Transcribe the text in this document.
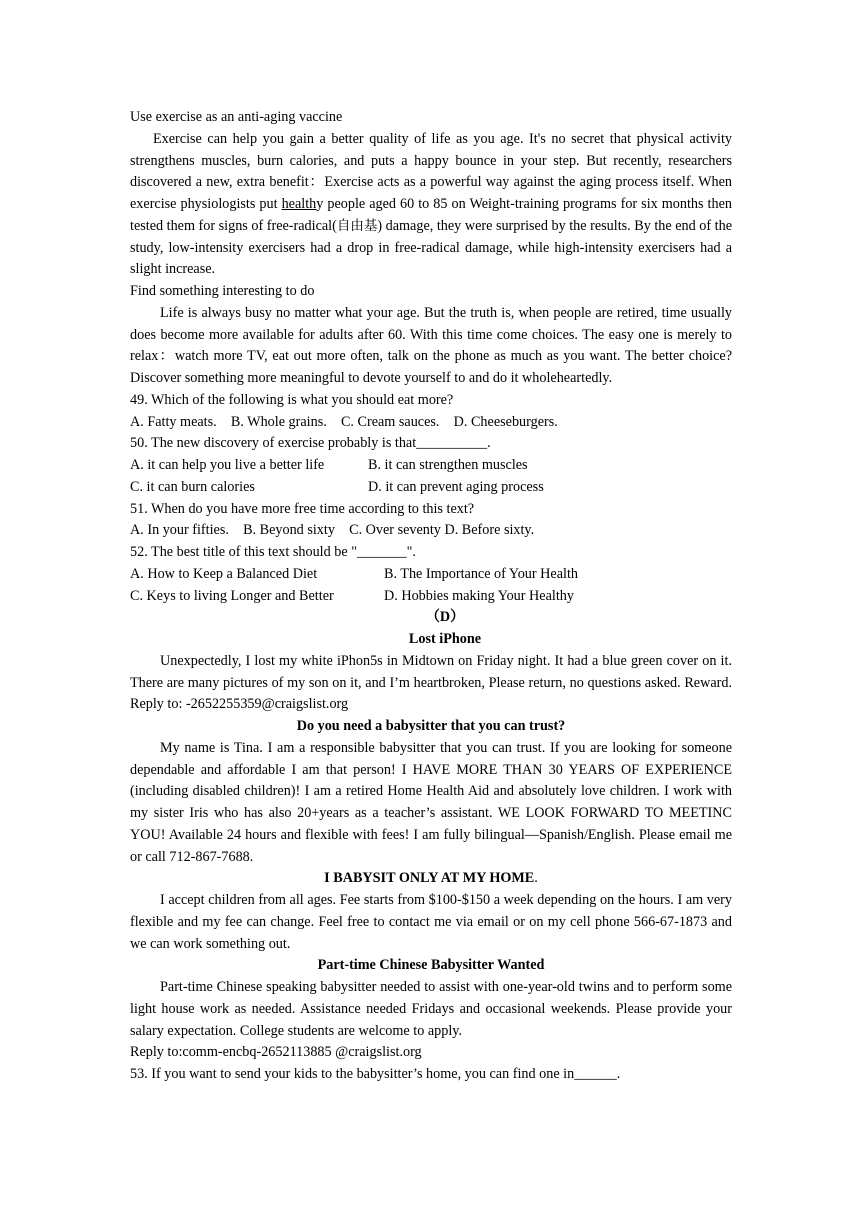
Use exercise as an anti-aging vaccine

Exercise can help you gain a better quality of life as you age. It's no secret that physical activity strengthens muscles, burn calories, and puts a happy bounce in your step. But recently, researchers discovered a new, extra benefit：Exercise acts as a powerful way against the aging process itself. When exercise physiologists put healthy people aged 60 to 85 on Weight-training programs for six months then tested them for signs of free-radical(自由基) damage, they were surprised by the results. By the end of the study, low-intensity exercisers had a drop in free-radical damage, while high-intensity exercisers had a slight increase.

Find something interesting to do

Life is always busy no matter what your age. But the truth is, when people are retired, time usually does become more available for adults after 60. With this time come choices. The easy one is merely to relax：watch more TV, eat out more often, talk on the phone as much as you want. The better choice? Discover something more meaningful to devote yourself to and do it wholeheartedly.

49. Which of the following is what you should eat more?

A. Fatty meats.    B. Whole grains.    C. Cream sauces.    D. Cheeseburgers.

50. The new discovery of exercise probably is that__________.

A. it can help you live a better life	B. it can strengthen muscles
C. it can burn calories	D. it can prevent aging process

51. When do you have more free time according to this text?

A. In your fifties.    B. Beyond sixty    C. Over seventy D. Before sixty.

52. The best title of this text should be "_______".

A. How to Keep a Balanced Diet	B. The Importance of Your Health
C. Keys to living Longer and Better	D. Hobbies making Your Healthy

（D）

Lost iPhone

Unexpectedly, I lost my white iPhon5s in Midtown on Friday night. It had a blue green cover on it. There are many pictures of my son on it, and I’m heartbroken, Please return, no questions asked. Reward. Reply to: -2652255359@craigslist.org

Do you need a babysitter that you can trust?

My name is Tina. I am a responsible babysitter that you can trust. If you are looking for someone dependable and affordable I am that person! I HAVE MORE THAN 30 YEARS OF EXPERIENCE (including disabled children)! I am a retired Home Health Aid and absolutely love children. I work with my sister Iris who has also 20+years as a teacher’s assistant. WE LOOK FORWARD TO MEETINC YOU! Available 24 hours and flexible with fees! I am fully bilingual—Spanish/English. Please email me or call 712-867-7688.

I BABYSIT ONLY AT MY HOME.

I accept children from all ages. Fee starts from $100-$150 a week depending on the hours. I am very flexible and my fee can change. Feel free to contact me via email or on my cell phone 566-67-1873 and we can work something out.

Part-time Chinese Babysitter Wanted

Part-time Chinese speaking babysitter needed to assist with one-year-old twins and to perform some light house work as needed. Assistance needed Fridays and occasional weekends. Please provide your salary expectation. College students are welcome to apply.

Reply to:comm-encbq-2652113885 @craigslist.org

53. If you want to send your kids to the babysitter’s home, you can find one in______.
